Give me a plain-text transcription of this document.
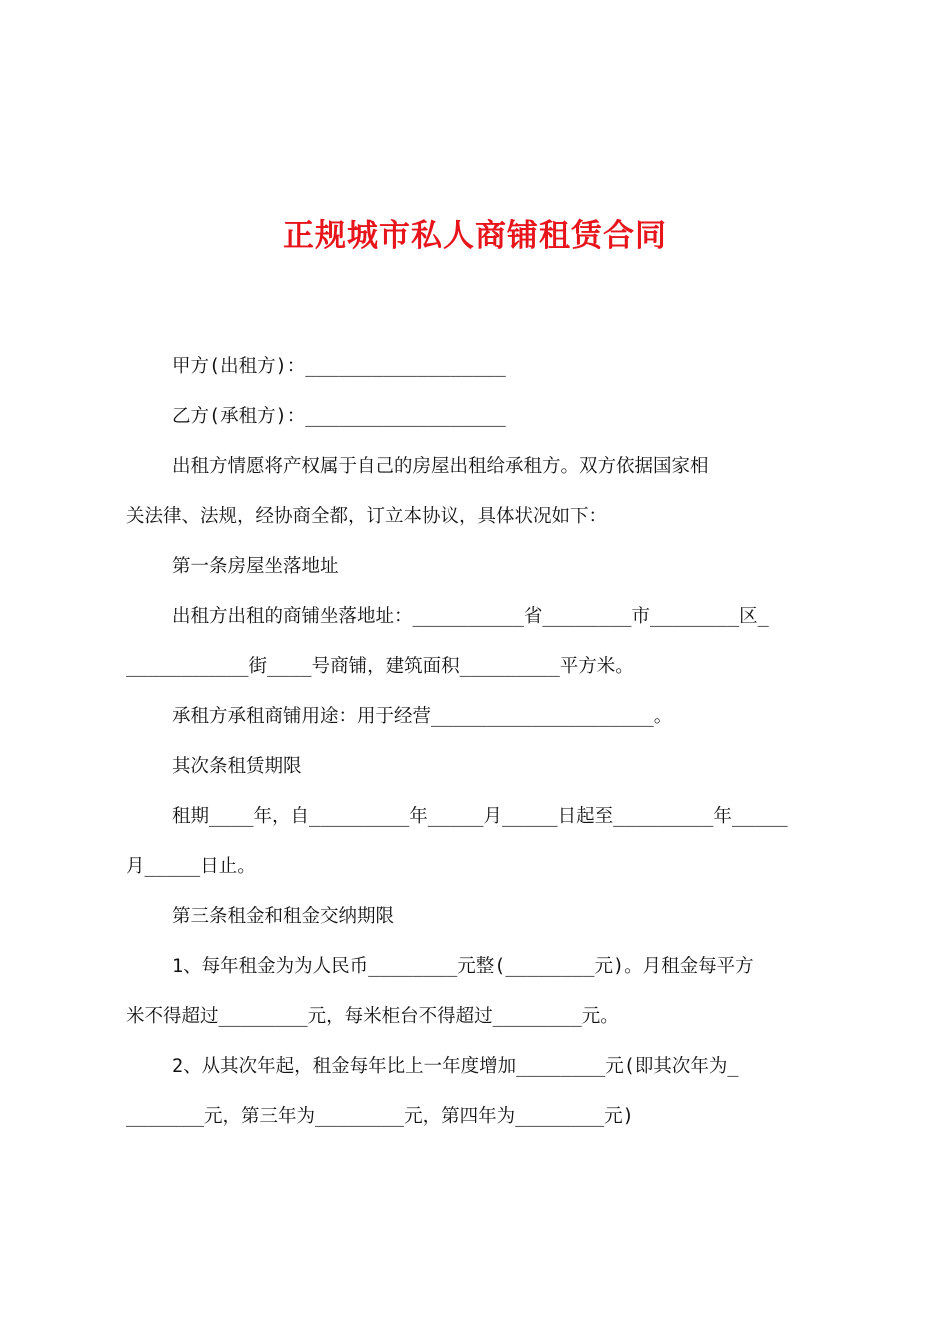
正规城市私人商铺租赁合同

甲方(出租方)：__________________

乙方(承租方)：__________________

出租方情愿将产权属于自己的房屋出租给承租方。双方依据国家相

关法律、法规，经协商全都，订立本协议，具体状况如下：

第一条房屋坐落地址

出租方出租的商铺坐落地址：__________省________市________区_

___________街____号商铺，建筑面积_________平方米。

承租方承租商铺用途：用于经营____________________。

其次条租赁期限

租期____年，自_________年_____月_____日起至_________年_____

月_____日止。

第三条租金和租金交纳期限

1、每年租金为为人民币________元整(________元)。月租金每平方

米不得超过________元，每米柜台不得超过________元。

2、从其次年起，租金每年比上一年度增加________元(即其次年为_

_______元，第三年为________元，第四年为________元)
